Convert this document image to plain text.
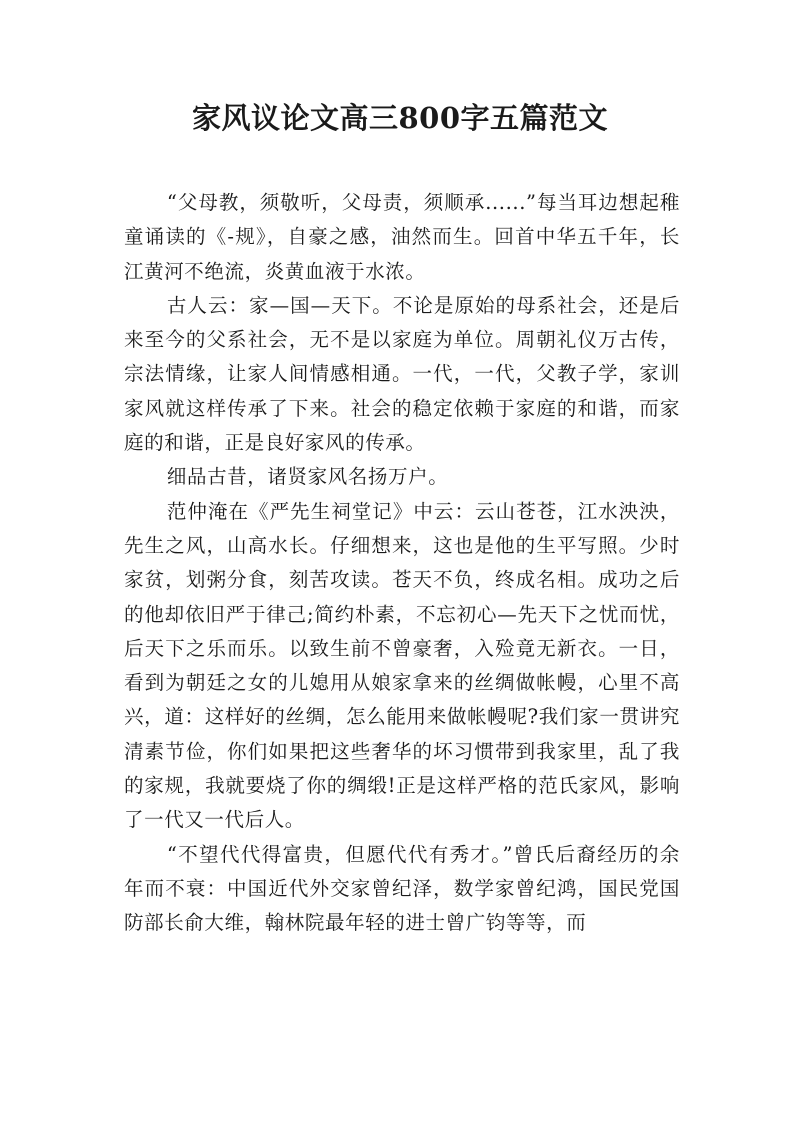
家风议论文高三800字五篇范文

“父母教，须敬听，父母责，须顺承......”每当耳边想起稚童诵读的《-规》，自豪之感，油然而生。回首中华五千年，长江黄河不绝流，炎黄血液于水浓。

古人云：家—国—天下。不论是原始的母系社会，还是后来至今的父系社会，无不是以家庭为单位。周朝礼仪万古传，宗法情缘，让家人间情感相通。一代，一代，父教子学，家训家风就这样传承了下来。社会的稳定依赖于家庭的和谐，而家庭的和谐，正是良好家风的传承。

细品古昔，诸贤家风名扬万户。

范仲淹在《严先生祠堂记》中云：云山苍苍，江水泱泱，先生之风，山高水长。仔细想来，这也是他的生平写照。少时家贫，划粥分食，刻苦攻读。苍天不负，终成名相。成功之后的他却依旧严于律己;简约朴素，不忘初心—先天下之忧而忧，后天下之乐而乐。以致生前不曾豪奢，入殓竟无新衣。一日，看到为朝廷之女的儿媳用从娘家拿来的丝绸做帐幔，心里不高兴，道：这样好的丝绸，怎么能用来做帐幔呢?我们家一贯讲究清素节俭，你们如果把这些奢华的坏习惯带到我家里，乱了我的家规，我就要烧了你的绸缎!正是这样严格的范氏家风，影响了一代又一代后人。

“不望代代得富贵，但愿代代有秀才。”曾氏后裔经历的余年而不衰：中国近代外交家曾纪泽，数学家曾纪鸿，国民党国防部长俞大维，翰林院最年轻的进士曾广钧等等，而
